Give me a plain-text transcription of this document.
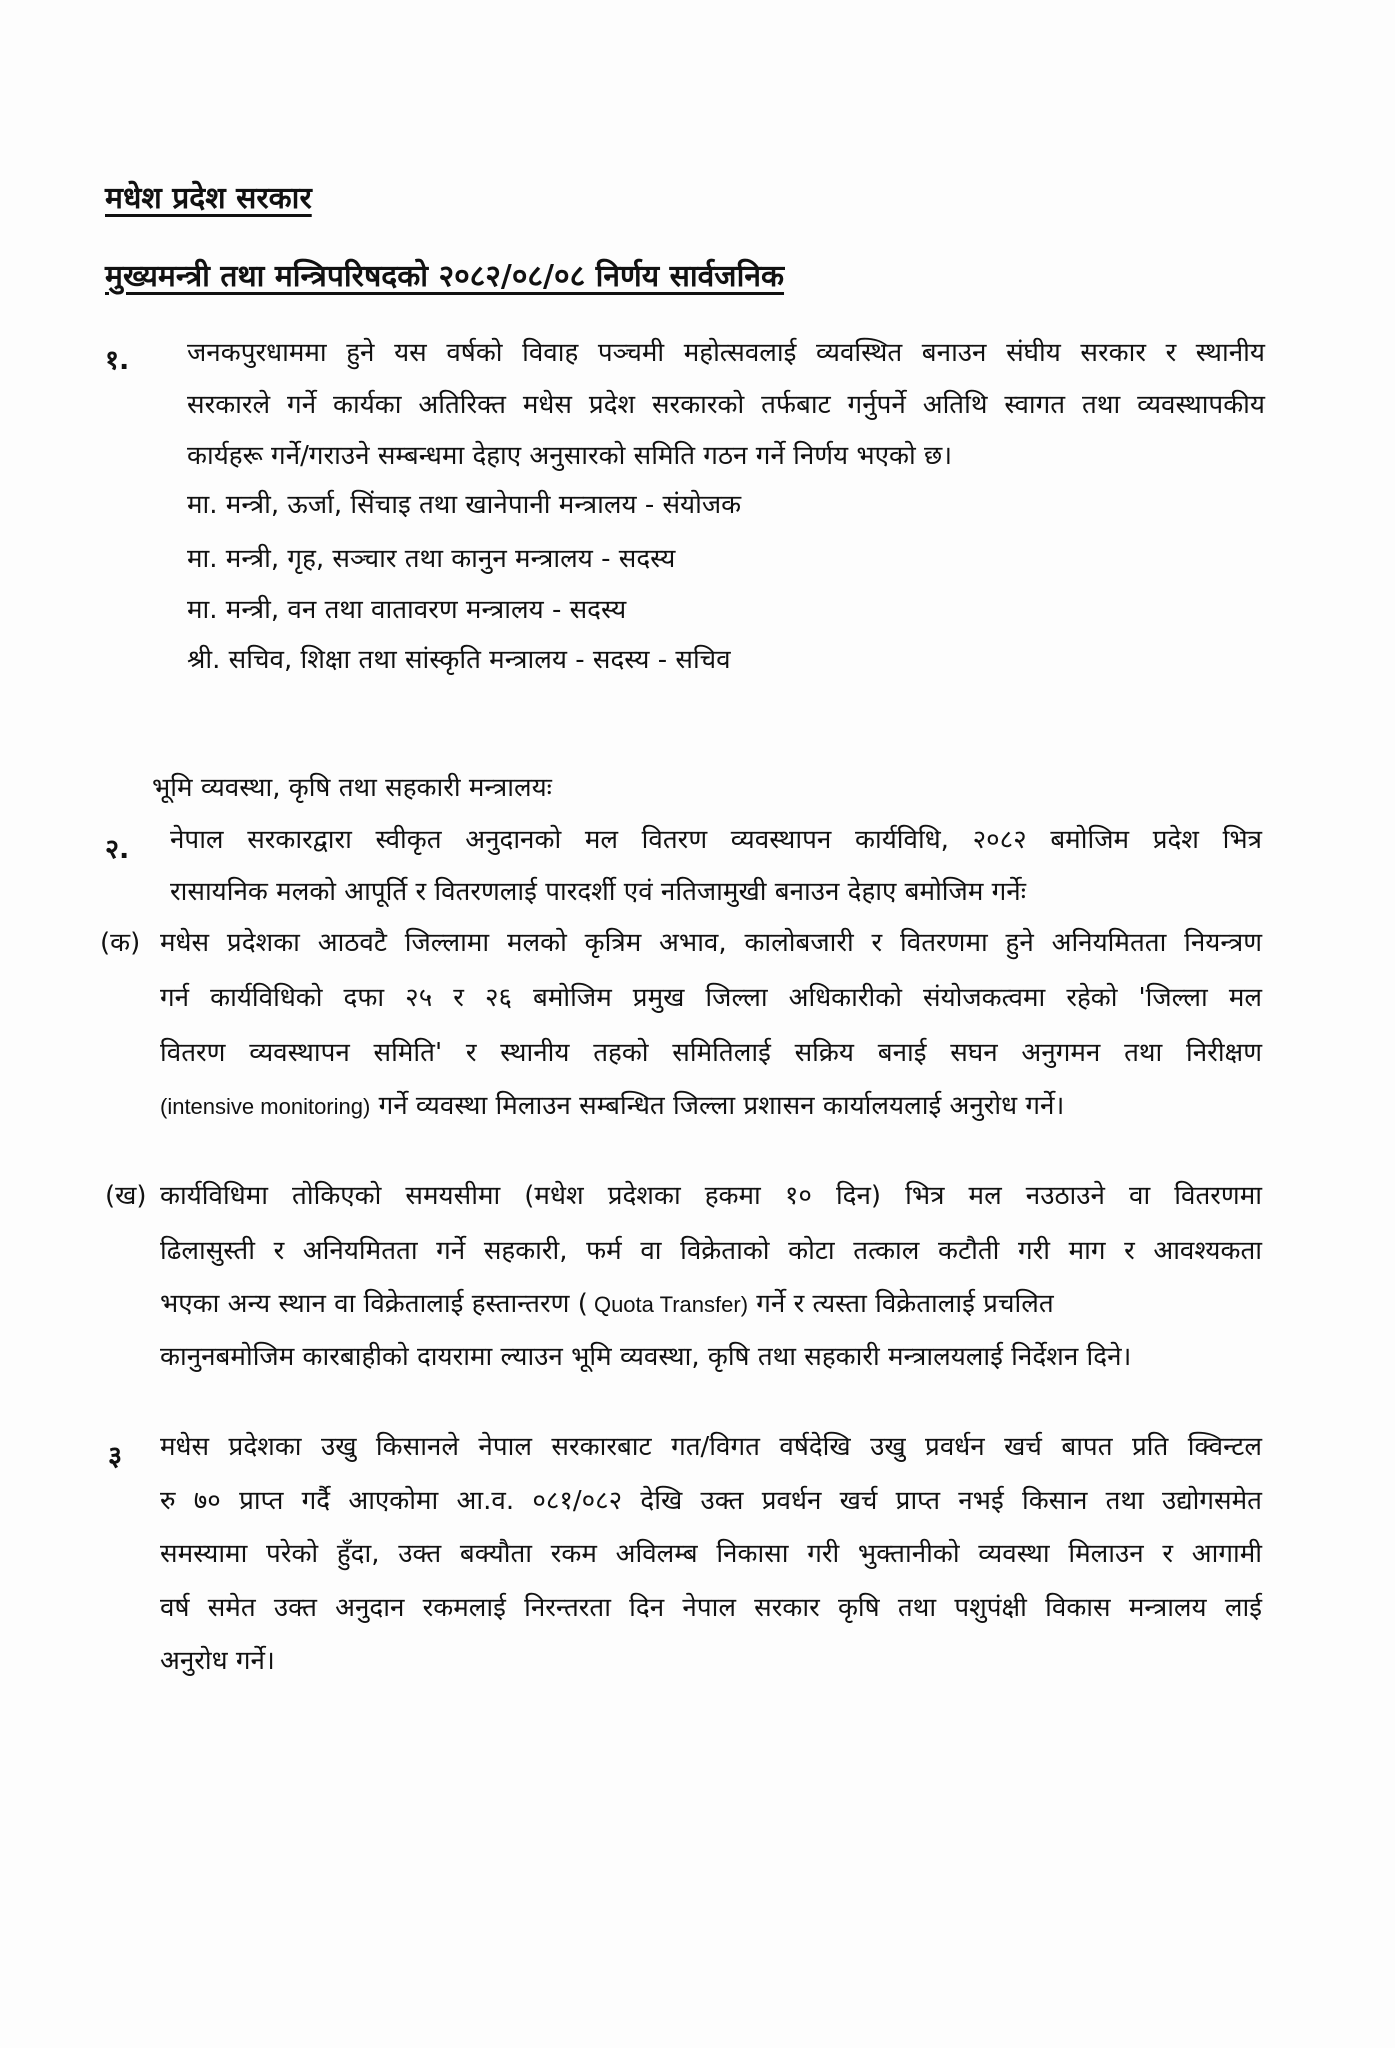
मधेश प्रदेश सरकार
मुख्यमन्त्री तथा मन्त्रिपरिषदको २०८२/०८/०८ निर्णय सार्वजनिक
१. जनकपुरधाममा हुने यस वर्षको विवाह पञ्चमी महोत्सवलाई व्यवस्थित बनाउन संघीय सरकार र स्थानीय
सरकारले गर्ने कार्यका अतिरिक्त मधेस प्रदेश सरकारको तर्फबाट गर्नुपर्ने अतिथि स्वागत तथा व्यवस्थापकीय
कार्यहरू गर्ने/गराउने सम्बन्धमा देहाए अनुसारको समिति गठन गर्ने निर्णय भएको छ।
मा. मन्त्री, ऊर्जा, सिंचाइ तथा खानेपानी मन्त्रालय - संयोजक
मा. मन्त्री, गृह, सञ्चार तथा कानुन मन्त्रालय - सदस्य
मा. मन्त्री, वन तथा वातावरण मन्त्रालय - सदस्य
श्री. सचिव, शिक्षा तथा सांस्कृति मन्त्रालय - सदस्य - सचिव
भूमि व्यवस्था, कृषि तथा सहकारी मन्त्रालयः
२. नेपाल सरकारद्वारा स्वीकृत अनुदानको मल वितरण व्यवस्थापन कार्यविधि, २०८२ बमोजिम प्रदेश भित्र
रासायनिक मलको आपूर्ति र वितरणलाई पारदर्शी एवं नतिजामुखी बनाउन देहाए बमोजिम गर्नेः
(क) मधेस प्रदेशका आठवटै जिल्लामा मलको कृत्रिम अभाव, कालोबजारी र वितरणमा हुने अनियमितता नियन्त्रण
गर्न कार्यविधिको दफा २५ र २६ बमोजिम प्रमुख जिल्ला अधिकारीको संयोजकत्वमा रहेको 'जिल्ला मल
वितरण व्यवस्थापन समिति' र स्थानीय तहको समितिलाई सक्रिय बनाई सघन अनुगमन तथा निरीक्षण
(intensive monitoring) गर्ने व्यवस्था मिलाउन सम्बन्धित जिल्ला प्रशासन कार्यालयलाई अनुरोध गर्ने।
(ख) कार्यविधिमा तोकिएको समयसीमा (मधेश प्रदेशका हकमा १० दिन) भित्र मल नउठाउने वा वितरणमा
ढिलासुस्ती र अनियमितता गर्ने सहकारी, फर्म वा विक्रेताको कोटा तत्काल कटौती गरी माग र आवश्यकता
भएका अन्य स्थान वा विक्रेतालाई हस्तान्तरण ( Quota Transfer) गर्ने र त्यस्ता विक्रेतालाई प्रचलित
कानुनबमोजिम कारबाहीको दायरामा ल्याउन भूमि व्यवस्था, कृषि तथा सहकारी मन्त्रालयलाई निर्देशन दिने।
३ मधेस प्रदेशका उखु किसानले नेपाल सरकारबाट गत/विगत वर्षदेखि उखु प्रवर्धन खर्च बापत प्रति क्विन्टल
रु ७० प्राप्त गर्दै आएकोमा आ.व. ०८१/०८२ देखि उक्त प्रवर्धन खर्च प्राप्त नभई किसान तथा उद्योगसमेत
समस्यामा परेको हुँदा, उक्त बक्यौता रकम अविलम्ब निकासा गरी भुक्तानीको व्यवस्था मिलाउन र आगामी
वर्ष समेत उक्त अनुदान रकमलाई निरन्तरता दिन नेपाल सरकार कृषि तथा पशुपंक्षी विकास मन्त्रालय लाई
अनुरोध गर्ने।
